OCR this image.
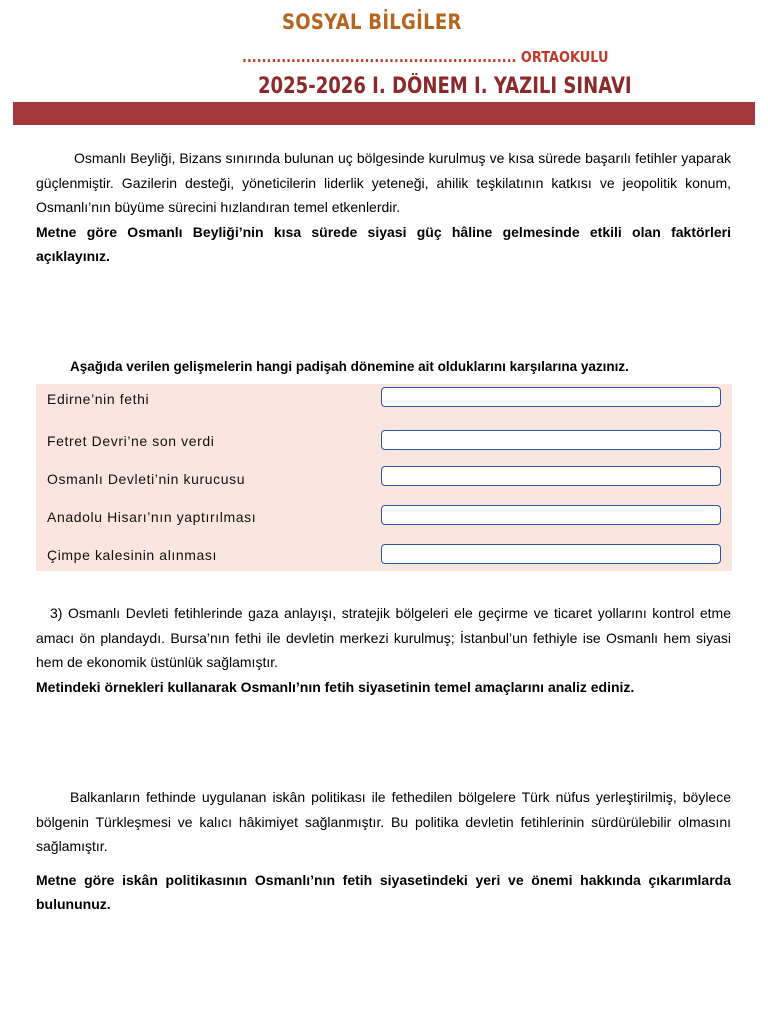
SOSYAL BİLGİLER
........................................................ ORTAOKULU
2025-2026 I. DÖNEM I. YAZILI SINAVI

Osmanlı Beyliği, Bizans sınırında bulunan uç bölgesinde kurulmuş ve kısa sürede başarılı fetihler yaparak güçlenmiştir. Gazilerin desteği, yöneticilerin liderlik yeteneği, ahilik teşkilatının katkısı ve jeopolitik konum, Osmanlı’nın büyüme sürecini hızlandıran temel etkenlerdir.

Metne göre Osmanlı Beyliği’nin kısa sürede siyasi güç hâline gelmesinde etkili olan faktörleri açıklayınız.

Aşağıda verilen gelişmelerin hangi padişah dönemine ait olduklarını karşılarına yazınız.
Edirne’nin fethi
Fetret Devri’ne son verdi
Osmanlı Devleti’nin kurucusu
Anadolu Hisarı’nın yaptırılması
Çimpe kalesinin alınması

3) Osmanlı Devleti fetihlerinde gaza anlayışı, stratejik bölgeleri ele geçirme ve ticaret yollarını kontrol etme amacı ön plandaydı. Bursa’nın fethi ile devletin merkezi kurulmuş; İstanbul’un fethiyle ise Osmanlı hem siyasi hem de ekonomik üstünlük sağlamıştır.

Metindeki örnekleri kullanarak Osmanlı’nın fetih siyasetinin temel amaçlarını analiz ediniz.

Balkanların fethinde uygulanan iskân politikası ile fethedilen bölgelere Türk nüfus yerleştirilmiş, böylece bölgenin Türkleşmesi ve kalıcı hâkimiyet sağlanmıştır. Bu politika devletin fetihlerinin sürdürülebilir olmasını sağlamıştır.

Metne göre iskân politikasının Osmanlı’nın fetih siyasetindeki yeri ve önemi hakkında çıkarımlarda bulununuz.
